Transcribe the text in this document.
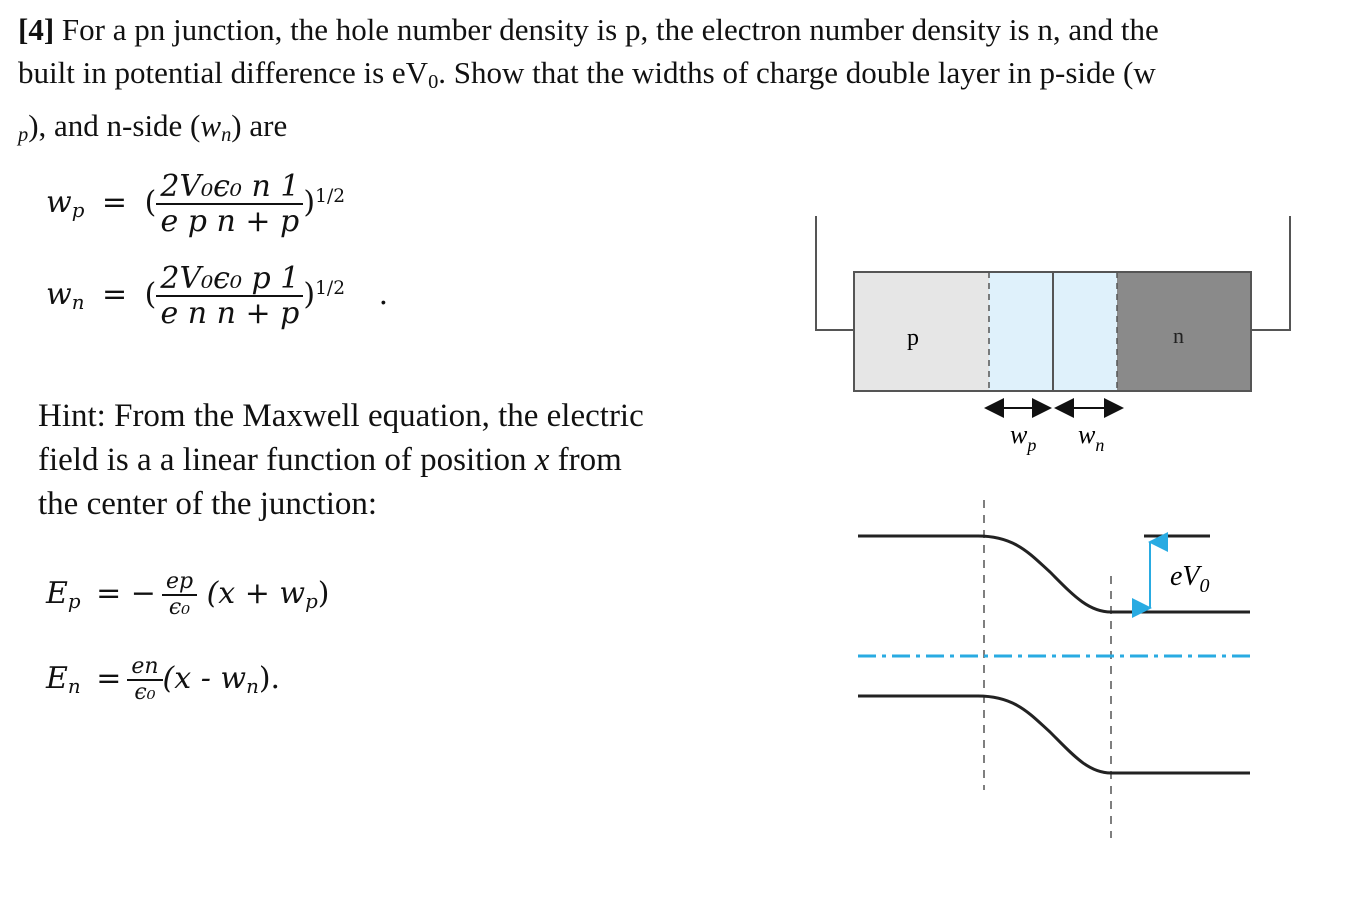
[4] For a pn junction, the hole number density is p, the electron number density is n, and the
built in potential difference is $eV_0$. Show that the widths of charge double layer in p-side (w
$_p$), and n-side $(w_n)$ are
$w_p$ = ( $\frac{\text{2V₀ϵ₀ n 1}}{\text{e p n + p}} )^{1/2}$
$w_n$ = ( $\frac{\text{2V₀ϵ₀ p 1}}{\text{e n n + p}} )^{1/2}$ .
Hint: From the Maxwell equation, the electric
field is a a linear function of position x from
the center of the junction:
$E_p$ = − $\frac{ep}{\text{ϵ₀}} (x + w_p)$
$E_n = \frac{en}{\text{ϵ₀}} (x - w_n)$.
p	n
$w_p$ $w_n$
$eV_0$
